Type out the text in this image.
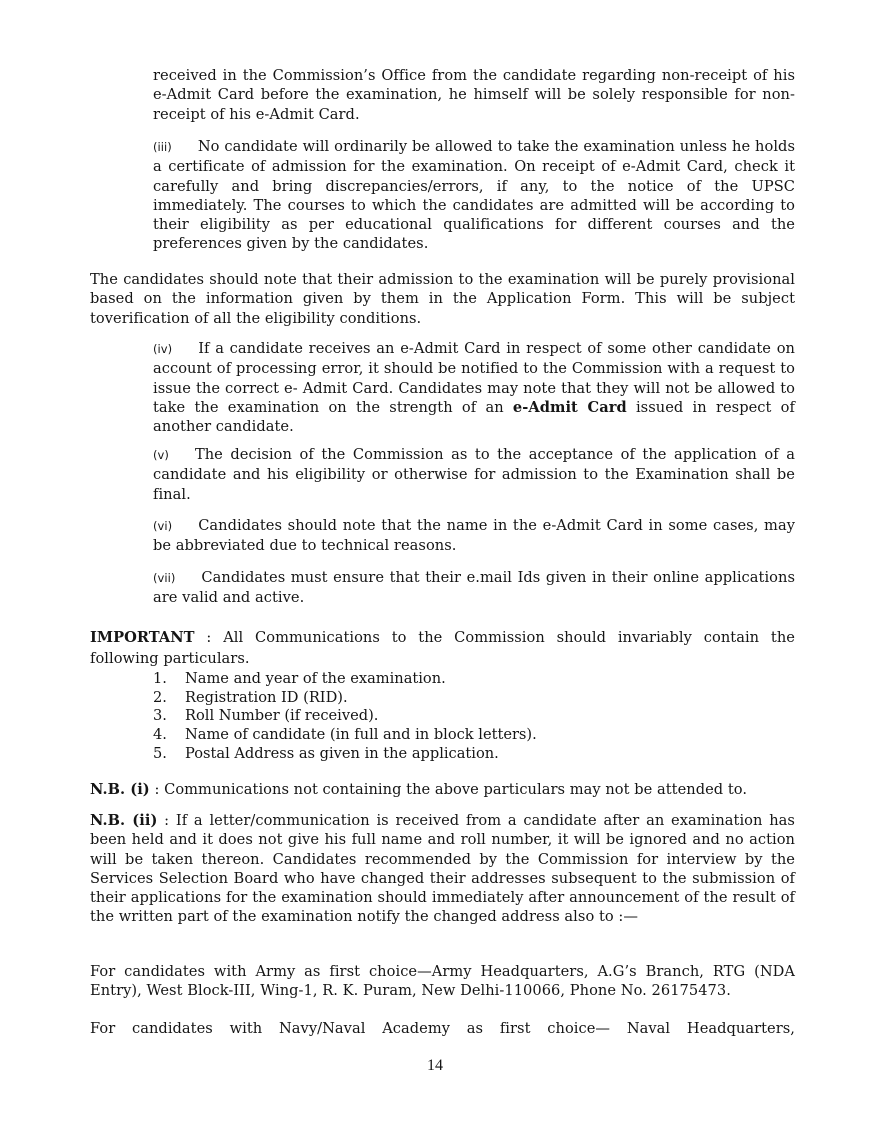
received in the Commission’s Office from the candidate regarding non-receipt of his e-Admit Card before the examination, he himself will be solely responsible for non-receipt of his e-Admit Card.
(iii) No candidate will ordinarily be allowed to take the examination unless he holds a certificate of admission for the examination. On receipt of e-Admit Card, check it carefully and bring discrepancies/errors, if any, to the notice of the UPSC immediately. The courses to which the candidates are admitted will be according to their eligibility as per educational qualifications for different courses and the preferences given by the candidates.
The candidates should note that their admission to the examination will be purely provisional based on the information given by them in the Application Form. This will be subject toverification of all the eligibility conditions.
(iv) If a candidate receives an e-Admit Card in respect of some other candidate on account of processing error, it should be notified to the Commission with a request to issue the correct e- Admit Card. Candidates may note that they will not be allowed to take the examination on the strength of an e-Admit Card issued in respect of another candidate.
(v) The decision of the Commission as to the acceptance of the application of a candidate and his eligibility or otherwise for admission to the Examination shall be final.
(vi) Candidates should note that the name in the e-Admit Card in some cases, may be abbreviated due to technical reasons.
(vii) Candidates must ensure that their e.mail Ids given in their online applications are valid and active.
IMPORTANT : All Communications to the Commission should invariably contain the following particulars.
1.	Name and year of the examination.
2.	Registration ID (RID).
3.	Roll Number (if received).
4.	Name of candidate (in full and in block letters).
5.	Postal Address as given in the application.
N.B. (i) : Communications not containing the above particulars may not be attended to.
N.B. (ii) : If a letter/communication is received from a candidate after an examination has been held and it does not give his full name and roll number, it will be ignored and no action will be taken thereon. Candidates recommended by the Commission for interview by the Services Selection Board who have changed their addresses subsequent to the submission of their applications for the examination should immediately after announcement of the result of the written part of the examination notify the changed address also to :—
For candidates with Army as first choice—Army Headquarters, A.G’s Branch, RTG (NDA Entry), West Block-III, Wing-1, R. K. Puram, New Delhi-110066, Phone No. 26175473.
For candidates with Navy/Naval Academy as first choice— Naval Headquarters,
14
